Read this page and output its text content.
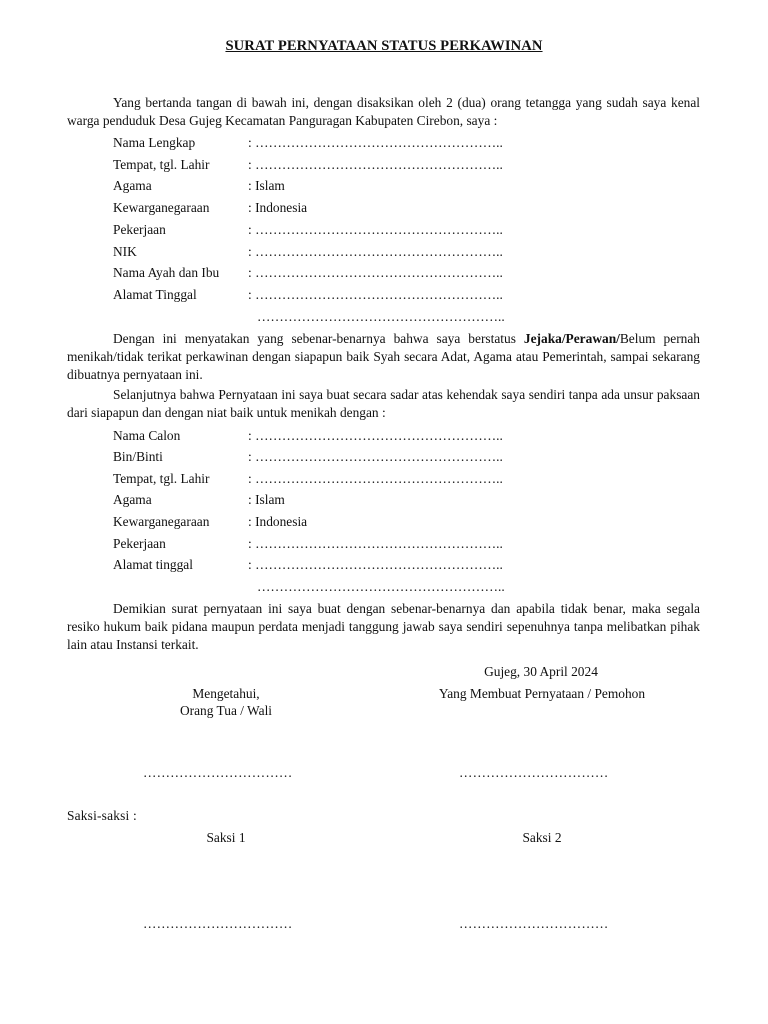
SURAT PERNYATAAN STATUS PERKAWINAN

Yang bertanda tangan di bawah ini, dengan disaksikan oleh 2 (dua) orang tetangga yang sudah saya kenal warga penduduk Desa Gujeg Kecamatan Panguragan Kabupaten Cirebon, saya :

Nama Lengkap	: ………………………………………………..
Tempat, tgl. Lahir	: ………………………………………………..
Agama	: Islam
Kewarganegaraan	: Indonesia
Pekerjaan	: ………………………………………………..
NIK	: ………………………………………………..
Nama Ayah dan Ibu : ………………………………………………..
Alamat Tinggal	: ………………………………………………..
………………………………………………..

Dengan ini menyatakan yang sebenar-benarnya bahwa saya berstatus Jejaka/Perawan/Belum pernah menikah/tidak terikat perkawinan dengan siapapun baik Syah secara Adat, Agama atau Pemerintah, sampai sekarang dibuatnya pernyataan ini.

Selanjutnya bahwa Pernyataan ini saya buat secara sadar atas kehendak saya sendiri tanpa ada unsur paksaan dari siapapun dan dengan niat baik untuk menikah dengan :

Nama Calon	: ………………………………………………..
Bin/Binti	: ………………………………………………..
Tempat, tgl. Lahir	: ………………………………………………..
Agama	: Islam
Kewarganegaraan	: Indonesia
Pekerjaan	: ………………………………………………..
Alamat tinggal	: ………………………………………………..
………………………………………………..

Demikian surat pernyataan ini saya buat dengan sebenar-benarnya dan apabila tidak benar, maka segala resiko hukum baik pidana maupun perdata menjadi tanggung jawab saya sendiri sepenuhnya tanpa melibatkan pihak lain atau Instansi terkait.

Gujeg, 30 April 2024
Mengetahui,
Orang Tua / Wali
Yang Membuat Pernyataan / Pemohon
……………………………	……………………………
Saksi-saksi :
Saksi 1	Saksi 2
……………………………	……………………………
